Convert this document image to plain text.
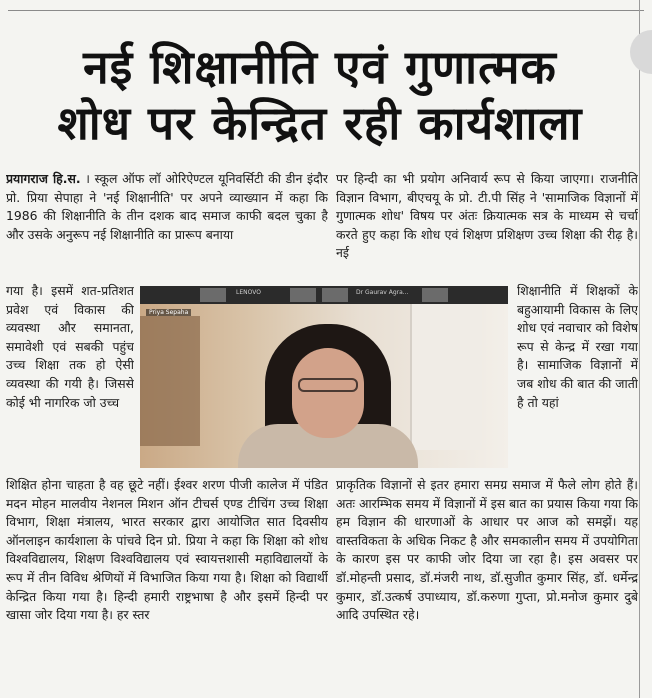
नई शिक्षानीति एवं गुणात्मक
शोध पर केन्द्रित रही कार्यशाला
प्रयागराज हि.स. । स्कूल ऑफ लॉ ओरिऐण्टल यूनिवर्सिटी की डीन इंदौर प्रो. प्रिया सेपाहा ने 'नई शिक्षानीति' पर अपने व्याख्यान में कहा कि 1986 की शिक्षानीति के तीन दशक बाद समाज काफी बदल चुका है और उसके अनुरूप नई शिक्षानीति का प्रारूप बनाया
गया है। इसमें शत-प्रतिशत प्रवेश एवं विकास की व्यवस्था और समानता, समावेशी एवं सबकी पहुंच उच्च शिक्षा तक हो ऐसी व्यवस्था की गयी है। जिससे कोई भी नागरिक जो उच्च
शिक्षित होना चाहता है वह छूटे नहीं। ईश्वर शरण पीजी कालेज में पंडित मदन मोहन मालवीय नेशनल मिशन ऑन टीचर्स एण्ड टीचिंग उच्च शिक्षा विभाग, शिक्षा मंत्रालय, भारत सरकार द्वारा आयोजित सात दिवसीय ऑनलाइन कार्यशाला के पांचवे दिन प्रो. प्रिया ने कहा कि शिक्षा को शोध विश्वविद्यालय, शिक्षण विश्वविद्यालय एवं स्वायत्तशासी महाविद्यालयों के रूप में तीन विविध श्रेणियों में विभाजित किया गया है। शिक्षा को विद्यार्थी केन्द्रित किया गया है। हिन्दी हमारी राष्ट्रभाषा है और इसमें हिन्दी पर खासा जोर दिया गया है। हर स्तर
पर हिन्दी का भी प्रयोग अनिवार्य रूप से किया जाएगा। राजनीति विज्ञान विभाग, बीएचयू के प्रो. टी.पी सिंह ने 'सामाजिक विज्ञानों में गुणात्मक शोध' विषय पर अंतः क्रियात्मक सत्र के माध्यम से चर्चा करते हुए कहा कि शोध एवं शिक्षण प्रशिक्षण उच्च शिक्षा की रीढ़ है। नई
शिक्षानीति में शिक्षकों के बहुआयामी विकास के लिए शोध एवं नवाचार को विशेष रूप से केन्द्र में रखा गया है। सामाजिक विज्ञानों में जब शोध की बात की जाती है तो यहां
प्राकृतिक विज्ञानों से इतर हमारा समग्र समाज में फैले लोग होते हैं। अतः आरम्भिक समय में विज्ञानों में इस बात का प्रयास किया गया कि हम विज्ञान की धारणाओं के आधार पर आज को समझें। यह वास्तविकता के अधिक निकट है और समकालीन समय में उपयोगिता के कारण इस पर काफी जोर दिया जा रहा है। इस अवसर पर डॉ.मोहन्ती प्रसाद, डॉ.मंजरी नाथ, डॉ.सुजीत कुमार सिंह, डॉ. धर्मेन्द्र कुमार, डॉ.उत्कर्ष उपाध्याय, डॉ.करुणा गुप्ता, प्रो.मनोज कुमार दुबे आदि उपस्थित रहे।
LENOVO	Dr Gaurav Agra...
Priya Sepaha
